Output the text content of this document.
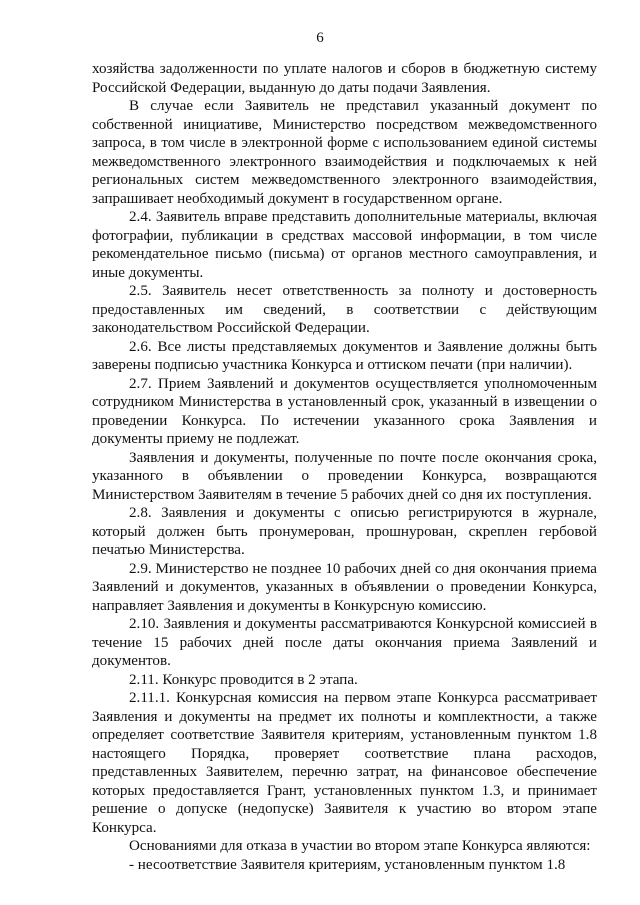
6

хозяйства задолженности по уплате налогов и сборов в бюджетную систему Российской Федерации, выданную до даты подачи Заявления.

В случае если Заявитель не представил указанный документ по собственной инициативе, Министерство посредством межведомственного запроса, в том числе в электронной форме с использованием единой системы межведомственного электронного взаимодействия и подключаемых к ней региональных систем межведомственного электронного взаимодействия, запрашивает необходимый документ в государственном органе.

2.4. Заявитель вправе представить дополнительные материалы, включая фотографии, публикации в средствах массовой информации, в том числе рекомендательное письмо (письма) от органов местного самоуправления, и иные документы.

2.5. Заявитель несет ответственность за полноту и достоверность предоставленных им сведений, в соответствии с действующим законодательством Российской Федерации.

2.6. Все листы представляемых документов и Заявление должны быть заверены подписью участника Конкурса и оттиском печати (при наличии).

2.7. Прием Заявлений и документов осуществляется уполномоченным сотрудником Министерства в установленный срок, указанный в извещении о проведении Конкурса. По истечении указанного срока Заявления и документы приему не подлежат.

Заявления и документы, полученные по почте после окончания срока, указанного в объявлении о проведении Конкурса, возвращаются Министерством Заявителям в течение 5 рабочих дней со дня их поступления.

2.8. Заявления и документы с описью регистрируются в журнале, который должен быть пронумерован, прошнурован, скреплен гербовой печатью Министерства.

2.9. Министерство не позднее 10 рабочих дней со дня окончания приема Заявлений и документов, указанных в объявлении о проведении Конкурса, направляет Заявления и документы в Конкурсную комиссию.

2.10. Заявления и документы рассматриваются Конкурсной комиссией в течение 15 рабочих дней после даты окончания приема Заявлений и документов.

2.11. Конкурс проводится в 2 этапа.

2.11.1. Конкурсная комиссия на первом этапе Конкурса рассматривает Заявления и документы на предмет их полноты и комплектности, а также определяет соответствие Заявителя критериям, установленным пунктом 1.8 настоящего Порядка, проверяет соответствие плана расходов, представленных Заявителем, перечню затрат, на финансовое обеспечение которых предоставляется Грант, установленных пунктом 1.3, и принимает решение о допуске (недопуске) Заявителя к участию во втором этапе Конкурса.

Основаниями для отказа в участии во втором этапе Конкурса являются:

- несоответствие Заявителя критериям, установленным пунктом 1.8
